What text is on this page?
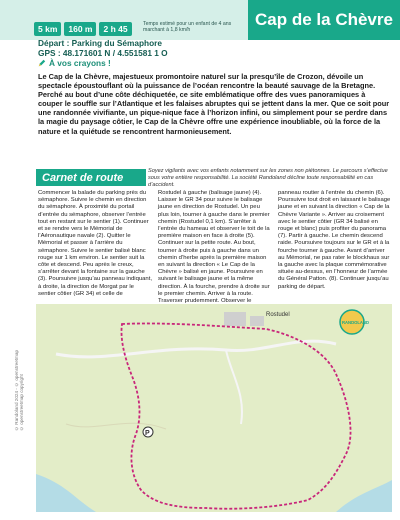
5 km	160 m	2 h 45	Temps estimé pour un enfant de 4 ans marchant à 1,8 km/h
Cap de la Chèvre
Départ : Parking du Sémaphore
GPS : 48.171601 N / 4.551581 1 O
À vos crayons !

Le Cap de la Chèvre, majestueux promontoire naturel sur la presqu’île de Crozon, dévoile un spectacle époustouflant où la puissance de l’océan rencontre la beauté sauvage de la Bretagne. Perché au bout d’une côte déchiquetée, ce site emblématique offre des vues panoramiques à couper le souffle sur l’Atlantique et les falaises abruptes qui se jettent dans la mer. Que ce soit pour une randonnée vivifiante, un pique-nique face à l’horizon infini, ou simplement pour se perdre dans la magie du paysage côtier, le Cap de la Chèvre offre une expérience inoubliable, où la force de la nature et la quiétude se rencontrent harmonieusement.

Carnet de route
Soyez vigilants avec vos enfants notamment sur les zones non piétonnes. Le parcours s’effectue sous votre entière responsabilité. La société Randoland décline toute responsabilité en cas d’accident.

Commencer la balade du parking près du sémaphore. Suivre le chemin en direction du sémaphore. À proximité du portail d’entrée du sémaphore, observer l’entrée tout en restant sur le sentier (1). Continuer et se rendre vers le Mémorial de l’Aéronautique navale (2). Quitter le Mémorial et passer à l’arrière du sémaphore. Suivre le sentier balisé blanc rouge sur 1 km environ. Le sentier suit la côte et descend. Peu après le creux, s’arrêter devant la fontaine sur la gauche (3). Poursuivre jusqu’au panneau indiquant, à droite, la direction de Morgat par le sentier côtier (GR 34) et celle de

Rostudel à gauche (balisage jaune) (4). Laisser le GR 34 pour suivre le balisage jaune en direction de Rostudel. Un peu plus loin, tourner à gauche dans le premier chemin (Rostudel 0,1 km). S’arrêter à l’entrée du hameau et observer le toit de la première maison en face à droite (5). Continuer sur la petite route. Au bout, tourner à droite puis à gauche dans un chemin d’herbe après la première maison en suivant la direction « Le Cap de la Chèvre » balisé en jaune. Poursuivre en suivant le balisage jaune et la même direction. À la fourche, prendre à droite sur le premier chemin. Arriver à la route. Traverser prudemment. Observer le

panneau routier à l’entrée du chemin (6). Poursuivre tout droit en laissant le balisage jaune et en suivant la direction « Cap de la Chèvre Variante ». Arriver au croisement avec le sentier côtier (GR 34 balisé en rouge et blanc) puis profiter du panorama (7). Partir à gauche. Le chemin descend raide. Poursuivre toujours sur le GR et à la fourche tourner à gauche. Avant d’arriver au Mémorial, ne pas rater le blockhaus sur la gauche avec la plaque commémorative située au-dessus, en l’honneur de l’armée du Général Patton. (8). Continuer jusqu’au parking de départ.

Rostudel
P
RANDOLAND
© Randoland 2024 - © openstreetmap © openstreetmap copyright
